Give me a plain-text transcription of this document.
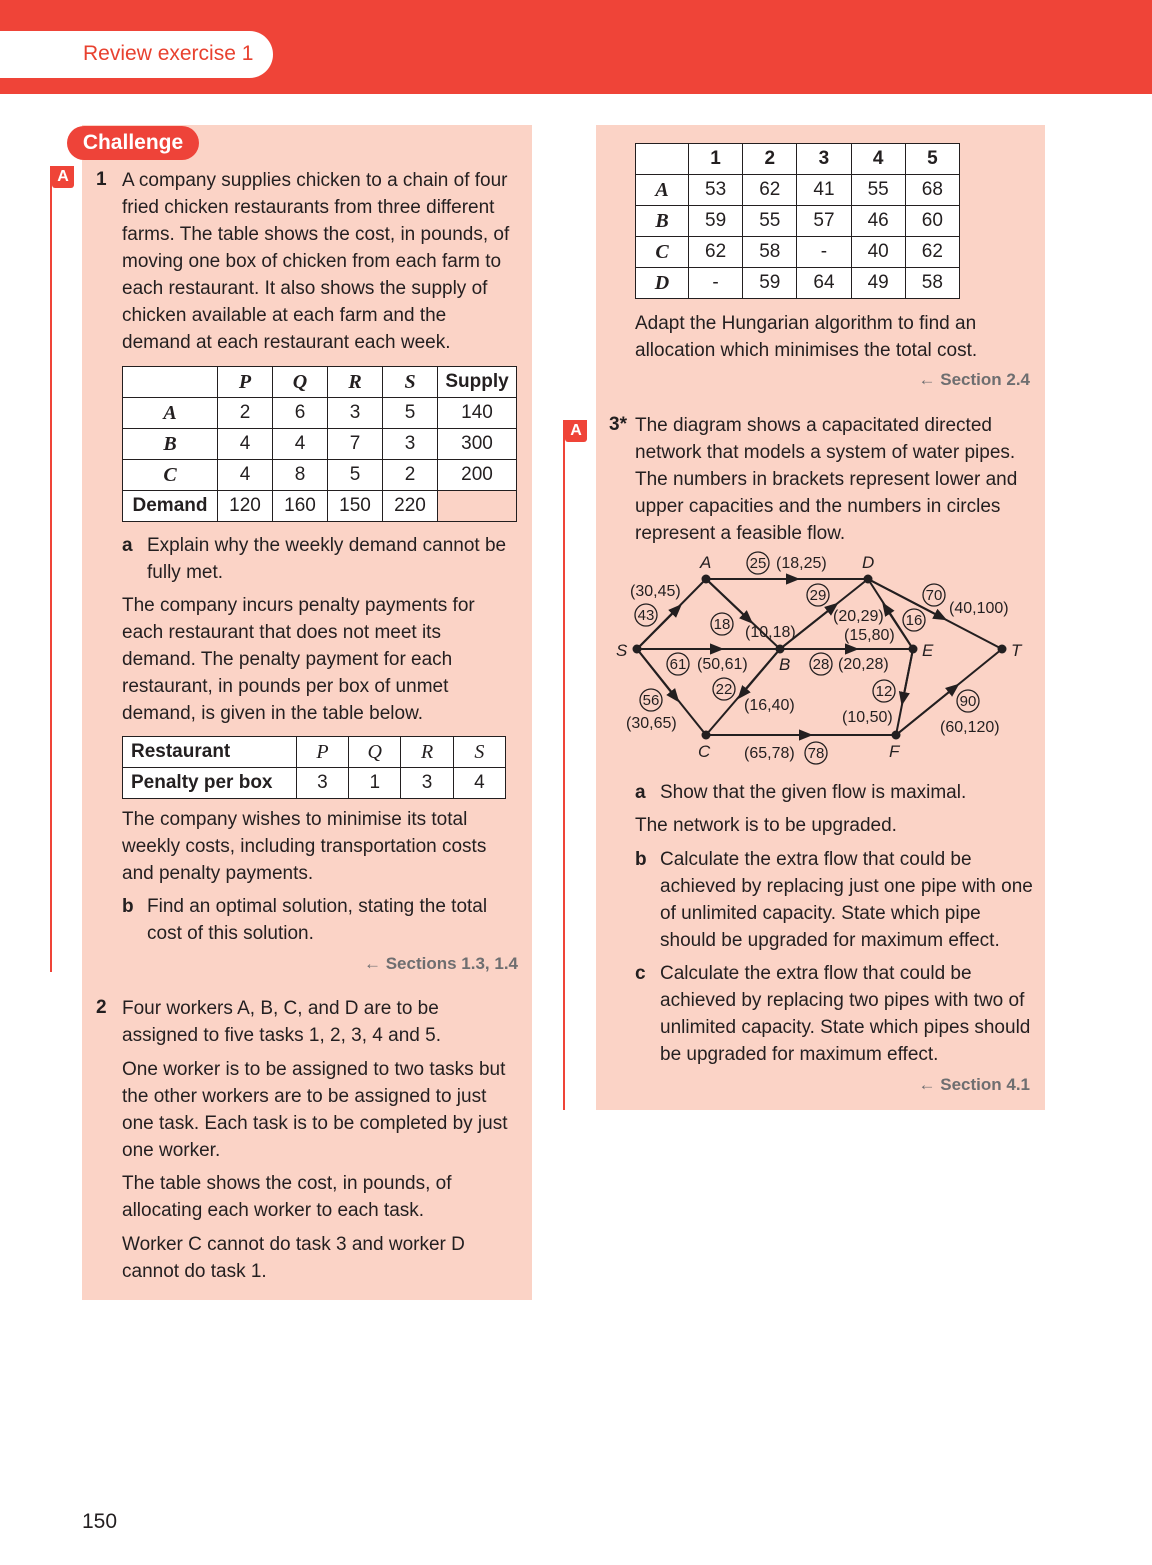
Review exercise 1
Challenge
A 1 A company supplies chicken to a chain of four fried chicken restaurants from three different farms. The table shows the cost, in pounds, of moving one box of chicken from each farm to each restaurant. It also shows the supply of chicken available at each farm and the demand at each restaurant each week.
	P	Q	R	S	Supply
A	2	6	3	5	140
B	4	4	7	3	300
C	4	8	5	2	200
Demand	120	160	150	220	
a Explain why the weekly demand cannot be fully met.
The company incurs penalty payments for each restaurant that does not meet its demand. The penalty payment for each restaurant, in pounds per box of unmet demand, is given in the table below.
Restaurant	P	Q	R	S
Penalty per box	3	1	3	4
The company wishes to minimise its total weekly costs, including transportation costs and penalty payments.
b Find an optimal solution, stating the total cost of this solution.
← Sections 1.3, 1.4
2 Four workers A, B, C, and D are to be assigned to five tasks 1, 2, 3, 4 and 5.
One worker is to be assigned to two tasks but the other workers are to be assigned to just one task. Each task is to be completed by just one worker.
The table shows the cost, in pounds, of allocating each worker to each task.
Worker C cannot do task 3 and worker D cannot do task 1.
	1	2	3	4	5
A	53	62	41	55	68
B	59	55	57	46	60
C	62	58	-	40	62
D	-	59	64	49	58
Adapt the Hungarian algorithm to find an allocation which minimises the total cost.
← Section 2.4
A 3* The diagram shows a capacitated directed network that models a system of water pipes. The numbers in brackets represent lower and upper capacities and the numbers in circles represent a feasible flow.
S
A
B
C
D
E
F
T
(30,45)
(50,61)
(30,65)
(18,25)
(10,18)
(20,29)
(20,28)
(16,40)
(15,80)
(40,100)
(10,50)
(65,78)
(60,120)
43
61
56
25
18
29
28
22
16
70
12
78
90
a Show that the given flow is maximal.
The network is to be upgraded.
b Calculate the extra flow that could be achieved by replacing just one pipe with one of unlimited capacity. State which pipe should be upgraded for maximum effect.
c Calculate the extra flow that could be achieved by replacing two pipes with two of unlimited capacity. State which pipes should be upgraded for maximum effect.
← Section 4.1
150
